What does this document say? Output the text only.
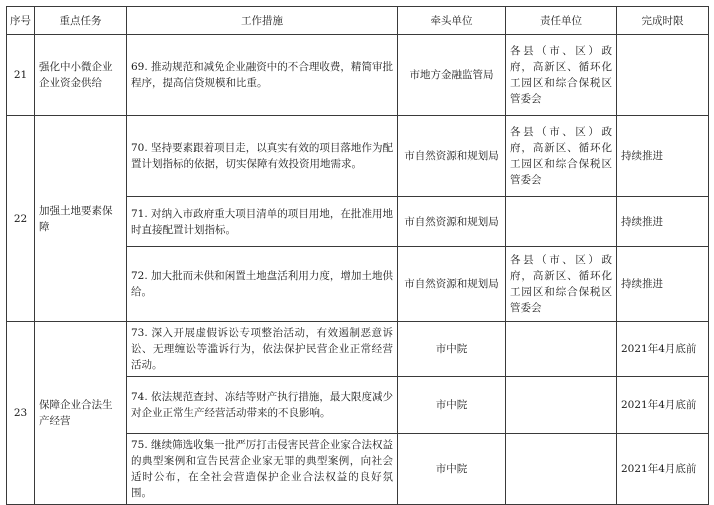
序号	重点任务	工作措施	牵头单位	责任单位	完成时限
21	强化中小微企业企业资金供给	69. 推动规范和减免企业融资中的不合理收费，精简审批程序，提高信贷规模和比重。	市地方金融监管局	各县（市、区）政府，高新区、循环化工园区和综合保税区管委会	
22	加强土地要素保障	70. 坚持要素跟着项目走，以真实有效的项目落地作为配置计划指标的依据，切实保障有效投资用地需求。	市自然资源和规划局	各县（市、区）政府，高新区、循环化工园区和综合保税区管委会	持续推进
		71. 对纳入市政府重大项目清单的项目用地，在批准用地时直接配置计划指标。	市自然资源和规划局		持续推进
		72. 加大批而未供和闲置土地盘活利用力度，增加土地供给。	市自然资源和规划局	各县（市、区）政府，高新区、循环化工园区和综合保税区管委会	持续推进
23	保障企业合法生产经营	73. 深入开展虚假诉讼专项整治活动，有效遏制恶意诉讼、无理缠讼等滥诉行为，依法保护民营企业正常经营活动。	市中院		2021年4月底前
		74. 依法规范查封、冻结等财产执行措施，最大限度减少对企业正常生产经营活动带来的不良影响。	市中院		2021年4月底前
		75. 继续筛选收集一批严厉打击侵害民营企业家合法权益的典型案例和宣告民营企业家无罪的典型案例，向社会适时公布，在全社会营造保护企业合法权益的良好氛围。	市中院		2021年4月底前
